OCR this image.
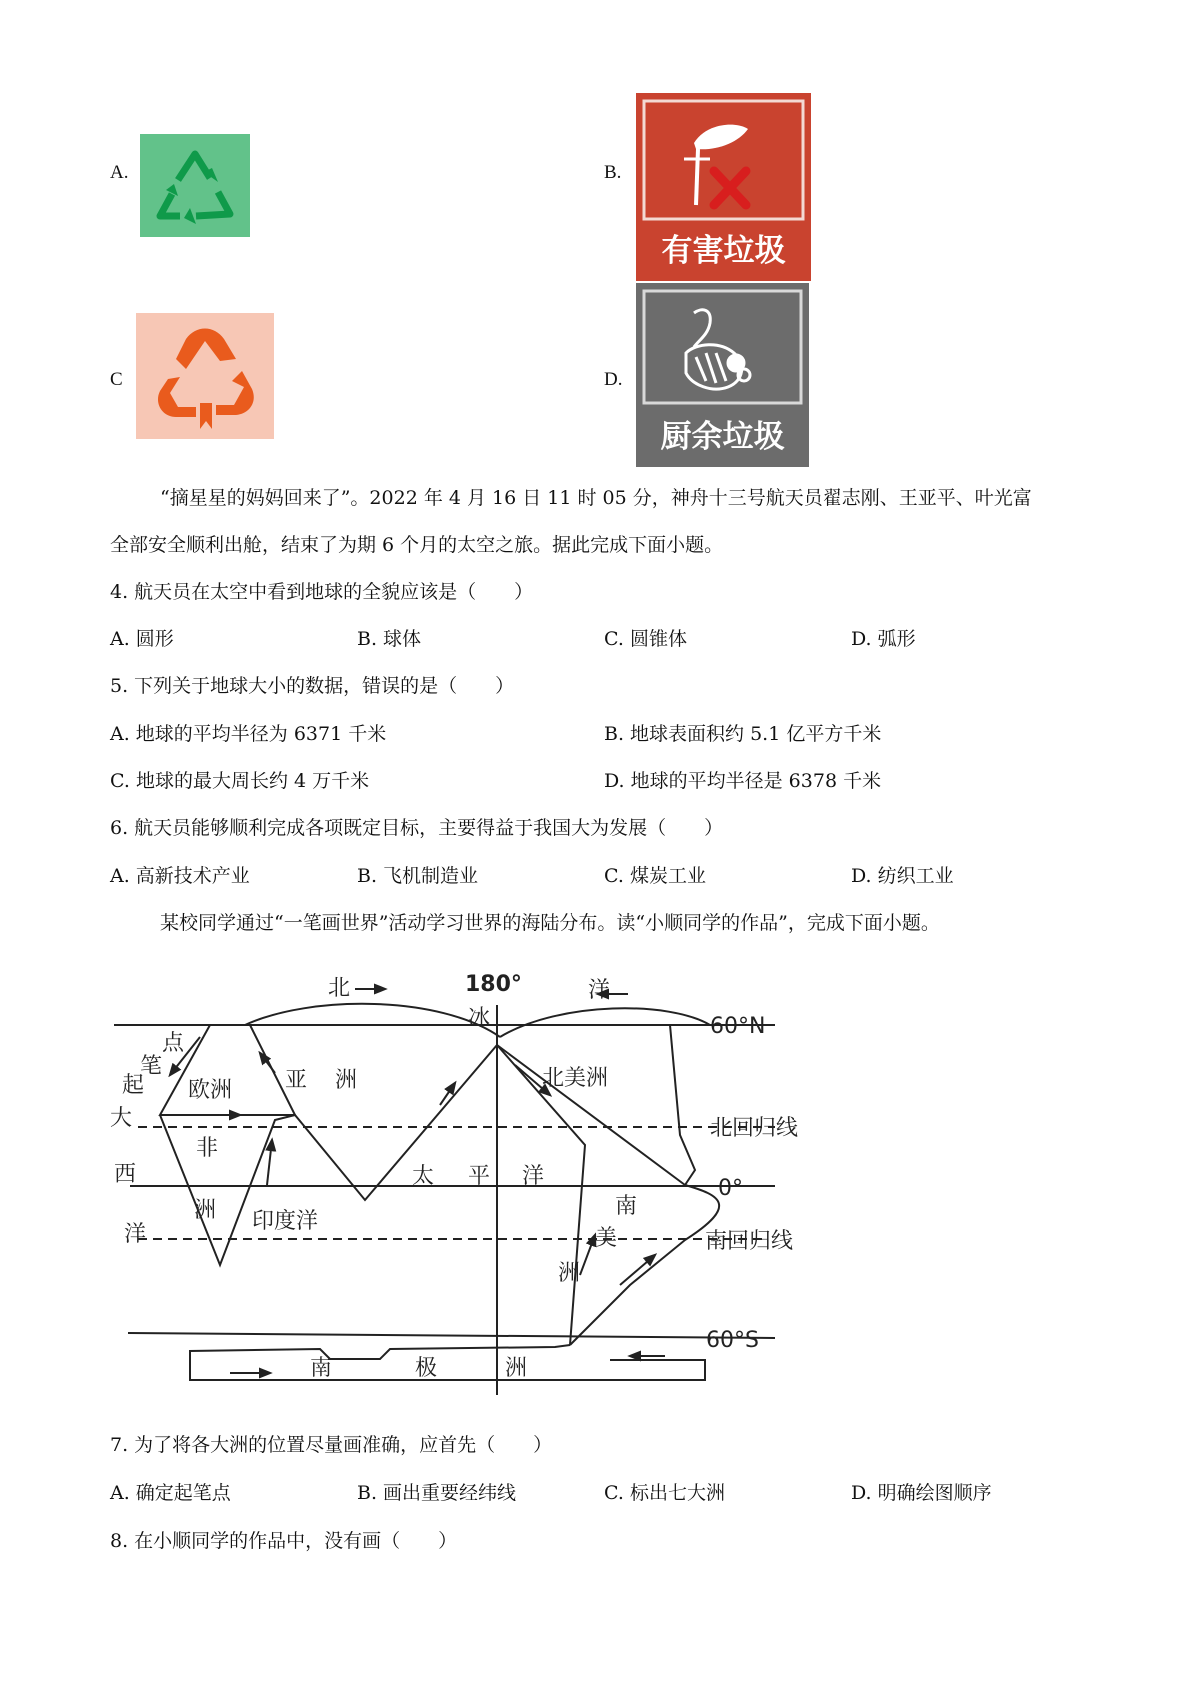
A.	B.
有害垃圾
C	D.
厨余垃圾
“摘星星的妈妈回来了”。2022 年 4 月 16 日 11 时 05 分，神舟十三号航天员翟志刚、王亚平、叶光富
全部安全顺利出舱，结束了为期 6 个月的太空之旅。据此完成下面小题。
4. 航天员在太空中看到地球的全貌应该是（　　）
A. 圆形	B. 球体	C. 圆锥体	D. 弧形
5. 下列关于地球大小的数据，错误的是（　　）
A. 地球的平均半径为 6371 千米	B. 地球表面积约 5.1 亿平方千米
C. 地球的最大周长约 4 万千米	D. 地球的平均半径是 6378 千米
6. 航天员能够顺利完成各项既定目标，主要得益于我国大为发展（　　）
A. 高新技术产业	B. 飞机制造业	C. 煤炭工业	D. 纺织工业
某校同学通过“一笔画世界”活动学习世界的海陆分布。读“小顺同学的作品”，完成下面小题。
180°
60°N
北回归线
0°
南回归线
60°S
北
冰
洋
点
笔
起 欧洲 亚 洲	北美洲
大
西
洋
非
洲 印度洋
太 平 洋
南
美
洲
南	极	洲
7. 为了将各大洲的位置尽量画准确，应首先（　　）
A. 确定起笔点	B. 画出重要经纬线	C. 标出七大洲	D. 明确绘图顺序
8. 在小顺同学的作品中，没有画（　　）
